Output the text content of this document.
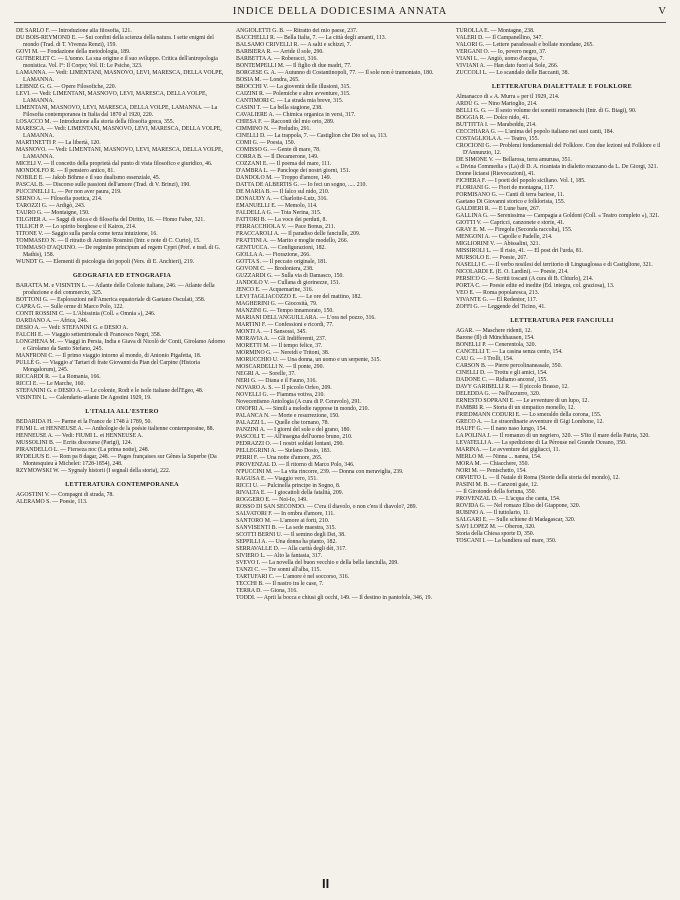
INDICE DELLA DODICESIMA ANNATA	V

DE SARLO F. — Introduzione alla filosofia, 121.

DU BOIS-REYMOND E. — Sui confini della scienza della natura. I sette enigmi del mondo (Trad. di T. Vivenza Renzi), 159.

GOVI M. — Fondazione della metodologia, 189.

GUTBERLET C. — L'uomo. La sua origine e il suo sviluppo. Critica dell'antropologia monistica. Vol. I°: Il Corpo; Vol. II: Le Psiche, 323.

LAMANNA. — Vedi: LIMENTANI, MASNOVO, LEVI, MARESCA, DELLA VOLPE, LAMANNA.

LEIBNIZ G. G. — Opere Filosofiche, 220.

LEVI. — Vedi: LIMENTANI, MASNOVO, LEVI, MARESCA, DELLA VOLPE, LAMANNA.

LIMENTANI, MASNOVO, LEVI, MARESCA, DELLA VOLPE, LAMANNA. — La Filosofia contemporanea in Italia dal 1870 al 1920, 220.

LOSACCO M. — Introduzione alla storia della filosofia greca, 355.

MARESCA. — Vedi: LIMENTANI, MASNOVO, LEVI, MARESCA, DELLA VOLPE, LAMANNA.

MARTINETTI P. — La libertà, 120.

MASNOVO. — Vedi: LIMENTANI, MASNOVO, LEVI, MARESCA, DELLA VOLPE, LAMANNA.

MICELI V. — Il concetto della proprietà dal punto di vista filosofico e giuridico, 46.

MONDOLFO R. — Il pensiero antico, 81.

NOBILE E. — Jakob Böhme e il suo dualismo essenziale, 45.

PASCAL B. — Discorso sulle passioni dell'amore (Trad. di V. Brinzi), 190.

PUCCINELLI L. — Per non aver paura, 219.

SERNO A. — Filosofia poetica, 214.

TAROZZI G. — Ardigò, 243.

TAURO G. — Montaigne, 150.

TILGHER A. — Saggi di etica e di filosofia del Diritto, 16. — Homo Faber, 321.

TILLICH P. — Lo spirito borghese e il Kairos, 214.

TITONE V. — Saggio sulla parola come terza intuizione, 16.

TOMMASEO N. — Il ritratto di Antonio Rosmini (Intr. e note di C. Curto), 15.

TOMMASO D'AQUINO. — De regimine principum ad regem Cypri (Pref. e trad. di G. Mathis), 158.

WUNDT G. — Elementi di psicologia dei popoli (Vers. di E. Anchieri), 219.

GEOGRAFIA ED ETNOGRAFIA

BARATTA M. e VISINTIN L. — Atlante delle Colonie italiane, 246. — Atlante della produzione e del commercio, 325.

BOTTONI G. — Esplorazioni nell'America equatoriale di Gaetano Osculati, 358.

CAPRA G. — Sulle orme di Marco Polo, 122.

CONTI ROSSINI C. — L'Abissinia (Coll. « Omnia »), 246.

DARDANO A. — Africa, 246.

DESIO A. — Vedi: STEFANINI G. e DESIO A.

FALCHI E. — Viaggio settentrionale di Francesco Negri, 358.

LONGHENA M. — Viaggi in Persia, India e Giava di Nicolò de' Conti, Girolamo Adorno e Girolamo da Santo Stefano, 245.

MANFRONI C. — Il primo viaggio intorno al mondo, di Antonio Pigafetta, 18.

PULLÈ G. — Viaggio a' Tartari di frate Giovanni da Pian del Carpine (Historia Mongalorum), 245.

RICCARDI R. — La Romania, 166.

RICCI E. — Le Marche, 160.

STEFANINI G. e DESIO A. — Le colonie, Rodi e le isole italiane dell'Egeo, 48.

VISINTIN L. — Calendario-atlante De Agostini 1929, 19.

L'ITALIA ALL'ESTERO

BEDARIDA H. — Parme et la France de 1748 à 1789, 50.

FIUMI L. et HENNEUSE A. — Anthologie de la poésie italienne contemporaine, 88.

HENNEUSE A. — Vedi: FIUMI L. et HENNEUSE A.

MUSSOLINI B. — Ecrits discourse (Parigi), 124.

PIRANDELLO L. — Fierseza noc (La prima notte), 248.

RYDELIUS E. — Rom pa 8 dagar, 248. — Pages françaises sur Gênes la Superbe (Da Montesquieu à Michelet: 1728-1854), 248.

RZYMOWSKI W. — Sygnaly historii (I segnali della storia), 222.

LETTERATURA CONTEMPORANEA

AGOSTINI V. — Compagni di strada, 78.

ALERAMO S. — Poesie, 113.

ANGIOLETTI G. B. — Ritratto del mio paese, 237.

BACCHELLI R. — Bella Italia, 7. — La città degli amanti, 113.

BALSAMO CRIVELLI R. — A salti e schizzi, 7.

BARBIERA R. — Arride il sole, 290.

BARBETTA A. — Roberacci, 316.

BONTEMPELLI M. — Il figlio di due madri, 77.

BORGESE G. A. — Autunno di Costantinopoli, 77. — Il sole non è tramontato, 180.

BOSIA M. — Londra, 265.

BROCCHI V. — La gioventù delle illusioni, 315.

CAIZINI R. — Polemiche e altre avventure, 315.

CANTIMORI C. — La strada mia breve, 315.

CASINI T. — La bella stagione, 238.

CAVALIERE A. — Chimica organica in versi, 317.

CHIESA F. — Racconti del mio orto, 289.

CIMMINO N. — Preludio, 291.

CINELLI D. — La trappola, 7. — Castiglion che Dio sol sa, 113.

COMI G. — Poesia, 150.

COMISSO G. — Gente di mare, 78.

CORRA B. — Il Decamerone, 149.

COZZANI E. — Il poema del mare, 111.

D'AMBRA L. — Pancloqe dei nostri giorni, 151.

DANDOLO M. — Troppo d'amore, 149.

DATTA DE ALBERTIS G. — Io feci un sogno, ..... 210.

DE MARIA B. — Il falco sul nido, 210.

DONAUDY A. — Charlotte-Lutz, 316.

EMANUELLI E. — Memolo, 114.

FALDELLA G. — Tota Nerina, 315.

FATTORI B. — La voce dei perduti, 8.

FERRACCHIOLA V. — Pace Bonus, 211.

FRACCAROLI A. — Il paradiso delle fanciulle, 209.

FRATTINI A. — Marito e moglie modello, 266.

GENTUCCA. — Configurazioni, 182.

GIOLLA A. — Fiorazione, 266.

GOTTA S. — Il peccato originale, 181.

GOVONI C. — Brodoniera, 238.

GUZZARDI G. — Sulla via di Damasco, 150.

JANDOLO V. — Cullana di giorinezze, 151.

JENCO E. — Acquemarine, 316.

LEVI TAGLIACOZZO E. — Le ore del mattino, 182.

MAGHERINI G. — Giocosità, 79.

MANZINI G. — Tempo innamorato, 150.

MARIANI DELL'ANGUILLARA. — L'ora nel pozzo, 316.

MARTINI F. — Confessioni e ricordi, 77.

MONTI A. — I Sansossi, 345.

MORAVIA A. — Gli Indifferenti, 237.

MORETTI M. — Il tempo felice, 37.

MORMINO G. — Nereidi e Tritoni, 38.

MORUCCHIO U. — Una donna, un uomo e un serpente, 315.

MOSCARDELLI N. — Il ponte, 290.

NEGRI A. — Sorelle, 37.

NERI G. — Diana e il Fauno, 316.

NOVARO A. S. — Il piccolo Orfeo, 209.

NOVELLI G. — Fiamma votiva, 210.

Novecentismo Antologia (A cura di P. Ceravolo), 291.

ONOFRI A. — Simili a melodie rapprese in mondo, 210.

PALANCA N. — Morte e resurrezione, 150.

PALAZZI L. — Quelle che tornano, 78.

PANZINI A. — I giorni del sole e del grano, 180.

PASCOLI T. — All'insegna dell'uomo bruno, 210.

PEDRAZZI O. — I nostri soldati lontani, 290.

PELLEGRINI A. — Stefano Dosio, 183.

PERRI F. — Una notte d'amore, 265.

PROVENZAL D. — Il ritorno di Marco Polo, 346.

N'PUCCINI M. — La vita rincorre, 239. — Donna con meraviglia, 239.

RAGUSA E. — Viaggio vero, 151.

RICCI U. — Pulcinella principe in Sogno, 8.

RIVALTA E. — I giocattoli della fatalità, 209.

ROGGERO E. — Noi-Io, 149.

ROSSO DI SAN SECONDO. — C'era il diavolo, o non c'era il diavolo?, 289.

SALVATORI F. — In ombra d'amore, 111.

SANTORO M. — L'amore ai forti, 210.

SANVISENTI B. — La sede maestra, 315.

SCOTTI BERNI U. — Il semino degli Dei, 38.

SEPPILLI A. — Una donna ha pianto, 182.

SERRAVALLE D. — Alla carità degli dèi, 317.

SIVIERO L. — Alto la fantasia, 317.

SVEVO I. — La novella del buon vecchio e della bella fanciulla, 209.

TANZI C. — Tre sonni all'alba, 115.

TARTUFARI C. — L'amore è nel soccorso, 316.

TECCHI B. — Il nastro tra le case, 7.

TERRA D. — Giona, 316.

TODDI. — Aprii la bocca e chiusi gli occhi, 149. — Il destino in pantofole, 346, 19.

TUROLLA E. — Montagne, 238.

VALERI D. — Il Campanellino, 347.

VALORI G. — Lettere paradossali e bollate mondane, 265.

VERGANI O. — Io, povero negro, 37.

VIANI L. — Angiò, uomo d'acqua, 7.

VIVIANI A. — Han dato fuori al Sole, 266.

ZUCCOLI L. — Lo scandalo delle Baccanti, 38.

LETTERATURA DIALETTALE E FOLKLORE

Almanacco di « A. Murra » per il 1929, 214.

ARDÙ G. — Nino Martoglio, 214.

BELLI G. G. — Il sesto volume dei sonetti romaneschi (Intr. di G. Biagi), 90.

BOGGIA R. — Dolce nido, 41.

BUTTITTA I. — Marabeddu, 214.

CECCHIARA G. — L'anima del popolo italiano nei suoi canti, 184.

COSTAGLIOLA A. — Teatro, 155.

CROCIONI G. — Problemi fondamentali del Folklore. Con due lezioni sul Folklore e il D'Annunzio, 12.

DE SIMONE V. — Bellarosa, terra amurusa, 351.

« Divina Commedia » (La) di D. A. ricantata in dialetto reazzano da L. De Giorgi, 321.

Donne liciaesi (Rievocazioni), 41.

FICHERA F. — I poeti del popolo siciliano. Vol. I, 185.

FLORIANI G. — Fiori de montagna, 117.

FORMISANO G. — Canti di terra bariese, 11.

Gaetano Di Giovanni storico e folklorista, 155.

GALDIERI R. — E Lune bare, 267.

GALLINA G. — Serenissima — Campagia a Goldoni (Coll. « Teatro completo »), 321.

GIOTTI V. — Capricci, canzonete e storie, 41.

GRAY E. M. — Firegolu (Seconda raccolta), 155.

MENGONI A. — Capolle e Padelle, 214.

MIGLIORINI V. — Abissalini, 321.

MISSIROLI L. — Il risio, 41. — El post dri l'urda, 81.

MURSOLO E. — Poesie, 267.

NASELLI C. — Il verbo nosilesi del territorio di Linguaglossa e di Castiglione, 321.

NICOLARDI E. (E. O. Lardini). — Poesie, 214.

PERSICO G. — Scritti toscani (A cura di B. Chiurlo), 214.

PORTA C. — Poesie edite ed inedite (Ed. integra, col. graziosa), 13.

VEO E. — Roma popolaresca, 213.

VIVANTE G. — El Redentor, 117.

ZOFFI G. — Leggende del Ticino, 41.

LETTERATURA PER FANCIULLI

AGAR. — Maschere ridenti, 12.

Barone (Il) di Münchhausen, 154.

BONELLI P. — Cenerentola, 320.

CANCELLI T. — La casina senza cento, 154.

CAU G. — I Trolli, 154.

CARSON B. — Pierre percolinaneasale, 350.

CINELLI D. — Trottu e gli amici, 154.

DADONE C. — Ridiamo ancora!, 155.

DAVY GARIBELLI R. — Il piccolo Brasso, 12.

DELEDDA G. — Nell'azzurro, 320.

ERNESTO SOPRANI E. — Le avventure di un lupo, 12.

FAMBRI R. — Storia di un simpatico monello, 12.

FRIEDMANN CODURI E. — Lo smeraldo della corona, 155.

GRECO A. — Le straordinarie avventure di Gigi Lombone, 12.

HAUFF G. — Il nano naso lungo, 154.

LA POLINA J. — Il romanzo di un negriero, 320. — S'Ito il mare della Patria, 320.

LEVATELLI A. — La spedizione di La Pérouse nel Grande Oceano, 350.

MARINA. — Le avventure dei gigliacci, 11.

MERLO M. — Ninna ... nanna, 154.

MORA M. — Chiacchere, 350.

NORI M. — Penischetto, 154.

ORVIETO L. — Il Natale di Roma (Storie della storia del mondo), 12.

PASINI M. B. — Canzoni gaie, 12.

— Il Girotondo della fortuna, 350.

PROVENZAL D. — L'acqua che canta, 154.

ROVIDA G. — Nel romazo Eliso del Giappone, 320.

RUBINO A. — Il tuttolario, 11.

SALGARI E. — Sulle schiene di Madagascar, 320.

SAVI LOPEZ M. — Oberon, 320.

Storia della Chiesa sporte D, 350.

TOSCANI I. — La bandiera sul mare, 350.

II
